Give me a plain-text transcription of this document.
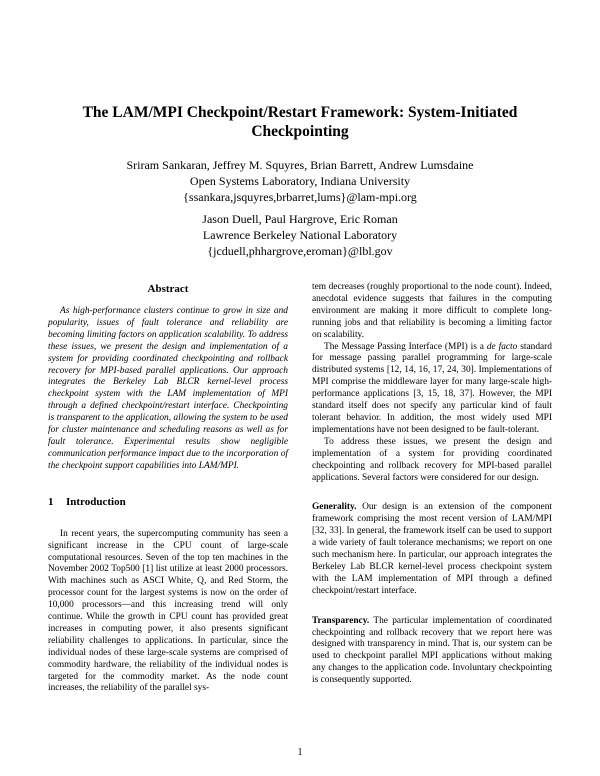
The LAM/MPI Checkpoint/Restart Framework: System-Initiated
Checkpointing
Sriram Sankaran, Jeffrey M. Squyres, Brian Barrett, Andrew Lumsdaine
Open Systems Laboratory, Indiana University
{ssankara,jsquyres,brbarret,lums}@lam-mpi.org
Jason Duell, Paul Hargrove, Eric Roman
Lawrence Berkeley National Laboratory
{jcduell,phhargrove,eroman}@lbl.gov
Abstract

As high-performance clusters continue to grow in size and popularity, issues of fault tolerance and reliability are becoming limiting factors on application scalability. To address these issues, we present the design and implementation of a system for providing coordinated checkpointing and rollback recovery for MPI-based parallel applications. Our approach integrates the Berkeley Lab BLCR kernel-level process checkpoint system with the LAM implementation of MPI through a defined checkpoint/restart interface. Checkpointing is transparent to the application, allowing the system to be used for cluster maintenance and scheduling reasons as well as for fault tolerance. Experimental results show negligible communication performance impact due to the incorporation of the checkpoint support capabilities into LAM/MPI.

1 Introduction

In recent years, the supercomputing community has seen a significant increase in the CPU count of large-scale computational resources. Seven of the top ten machines in the November 2002 Top500 [1] list utilize at least 2000 processors. With machines such as ASCI White, Q, and Red Storm, the processor count for the largest systems is now on the order of 10,000 processors—and this increasing trend will only continue. While the growth in CPU count has provided great increases in computing power, it also presents significant reliability challenges to applications. In particular, since the individual nodes of these large-scale systems are comprised of commodity hardware, the reliability of the individual nodes is targeted for the commodity market. As the node count increases, the reliability of the parallel sys-

tem decreases (roughly proportional to the node count). Indeed, anecdotal evidence suggests that failures in the computing environment are making it more difficult to complete long-running jobs and that reliability is becoming a limiting factor on scalability.

The Message Passing Interface (MPI) is a de facto standard for message passing parallel programming for large-scale distributed systems [12, 14, 16, 17, 24, 30]. Implementations of MPI comprise the middleware layer for many large-scale high-performance applications [3, 15, 18, 37]. However, the MPI standard itself does not specify any particular kind of fault tolerant behavior. In addition, the most widely used MPI implementations have not been designed to be fault-tolerant.

To address these issues, we present the design and implementation of a system for providing coordinated checkpointing and rollback recovery for MPI-based parallel applications. Several factors were considered for our design.

Generality. Our design is an extension of the component framework comprising the most recent version of LAM/MPI [32, 33]. In general, the framework itself can be used to support a wide variety of fault tolerance mechanisms; we report on one such mechanism here. In particular, our approach integrates the Berkeley Lab BLCR kernel-level process checkpoint system with the LAM implementation of MPI through a defined checkpoint/restart interface.

Transparency. The particular implementation of coordinated checkpointing and rollback recovery that we report here was designed with transparency in mind. That is, our system can be used to checkpoint parallel MPI applications without making any changes to the application code. Involuntary checkpointing is consequently supported.

1
